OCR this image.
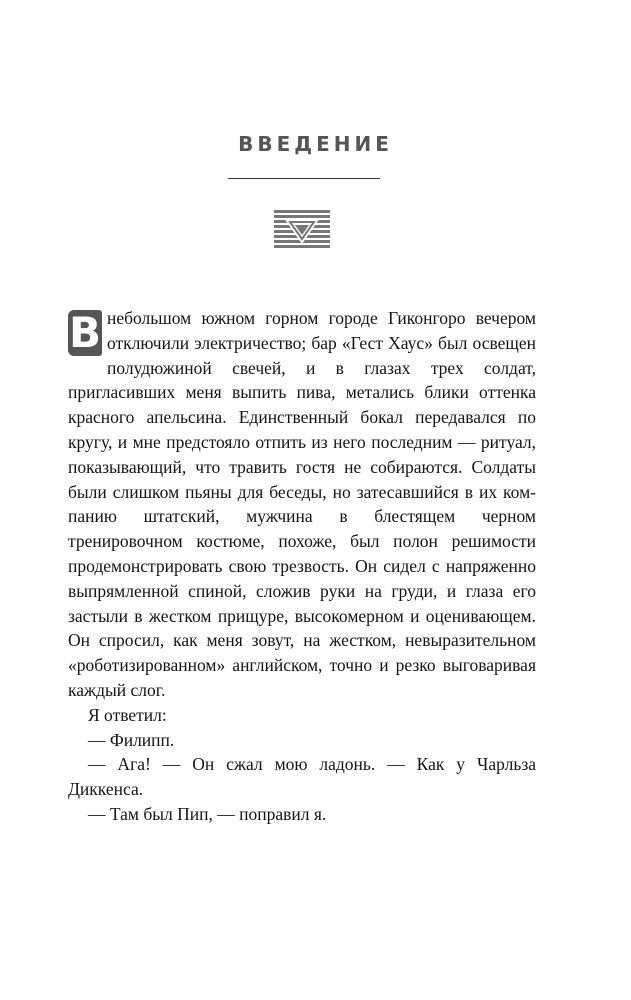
ВВЕДЕНИЕ

В небольшом южном горном городе Гиконгоро вечером отключили электричество; бар «Гест Хаус» был освещен полудюжиной свечей, и в глазах трех солдат, пригласивших меня выпить пива, метались блики оттенка красного апельсина. Единственный бокал передавался по кругу, и мне предстояло отпить из него последним — ритуал, показывающий, что травить гостя не собираются. Солдаты были слишком пьяны для беседы, но затесавшийся в их компанию штатский, мужчина в блестящем черном тренировочном костюме, похоже, был полон решимости продемонстрировать свою трезвость. Он сидел с напряженно выпрямленной спиной, сложив руки на груди, и глаза его застыли в жестком прищуре, высокомерном и оценивающем. Он спросил, как меня зовут, на жестком, невыразительном «роботизированном» английском, точно и резко выговаривая каждый слог.

Я ответил:

— Филипп.

— Ага! — Он сжал мою ладонь. — Как у Чарльза Диккенса.

— Там был Пип, — поправил я.
